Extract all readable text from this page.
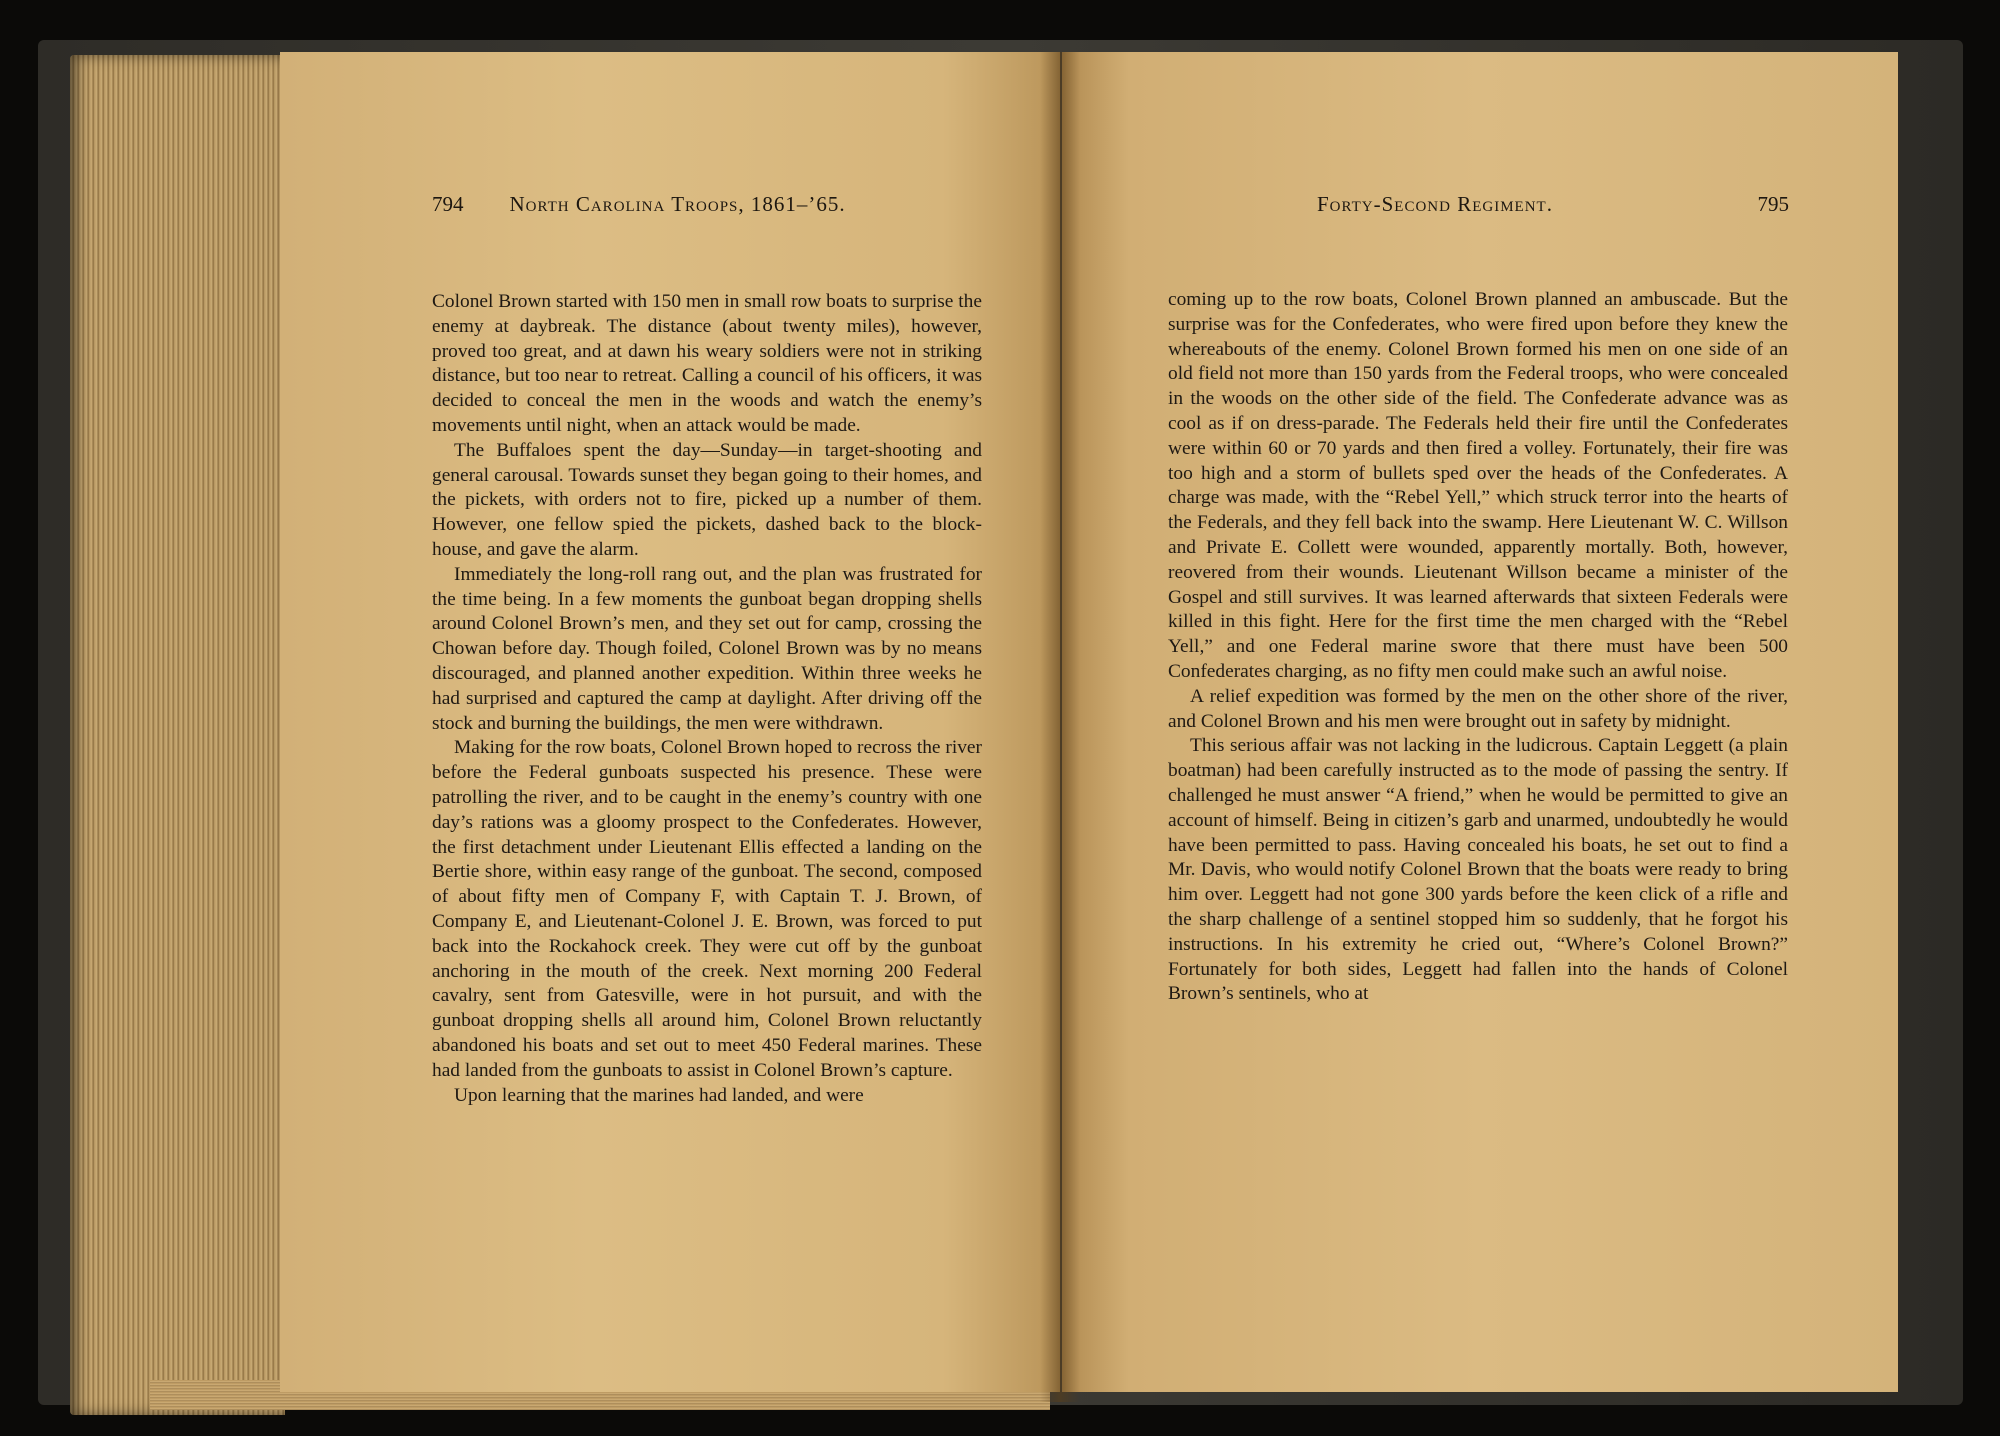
794 North Carolina Troops, 1861–’65.

Colonel Brown started with 150 men in small row boats to surprise the enemy at daybreak. The distance (about twenty miles), however, proved too great, and at dawn his weary soldiers were not in striking distance, but too near to retreat. Calling a council of his officers, it was decided to conceal the men in the woods and watch the enemy’s movements until night, when an attack would be made.

The Buffaloes spent the day—Sunday—in target-shooting and general carousal. Towards sunset they began going to their homes, and the pickets, with orders not to fire, picked up a number of them. However, one fellow spied the pickets, dashed back to the block-house, and gave the alarm.

Immediately the long-roll rang out, and the plan was frustrated for the time being. In a few moments the gunboat began dropping shells around Colonel Brown’s men, and they set out for camp, crossing the Chowan before day. Though foiled, Colonel Brown was by no means discouraged, and planned another expedition. Within three weeks he had surprised and captured the camp at daylight. After driving off the stock and burning the buildings, the men were withdrawn.

Making for the row boats, Colonel Brown hoped to recross the river before the Federal gunboats suspected his presence. These were patrolling the river, and to be caught in the enemy’s country with one day’s rations was a gloomy prospect to the Confederates. However, the first detachment under Lieutenant Ellis effected a landing on the Bertie shore, within easy range of the gunboat. The second, composed of about fifty men of Company F, with Captain T. J. Brown, of Company E, and Lieutenant-Colonel J. E. Brown, was forced to put back into the Rockahock creek. They were cut off by the gunboat anchoring in the mouth of the creek. Next morning 200 Federal cavalry, sent from Gatesville, were in hot pursuit, and with the gunboat dropping shells all around him, Colonel Brown reluctantly abandoned his boats and set out to meet 450 Federal marines. These had landed from the gunboats to assist in Colonel Brown’s capture.

Upon learning that the marines had landed, and were

Forty-Second Regiment.	795

coming up to the row boats, Colonel Brown planned an ambuscade. But the surprise was for the Confederates, who were fired upon before they knew the whereabouts of the enemy. Colonel Brown formed his men on one side of an old field not more than 150 yards from the Federal troops, who were concealed in the woods on the other side of the field. The Confederate advance was as cool as if on dress-parade. The Federals held their fire until the Confederates were within 60 or 70 yards and then fired a volley. Fortunately, their fire was too high and a storm of bullets sped over the heads of the Confederates. A charge was made, with the “Rebel Yell,” which struck terror into the hearts of the Federals, and they fell back into the swamp. Here Lieutenant W. C. Willson and Private E. Collett were wounded, apparently mortally. Both, however, reovered from their wounds. Lieutenant Willson became a minister of the Gospel and still survives. It was learned afterwards that sixteen Federals were killed in this fight. Here for the first time the men charged with the “Rebel Yell,” and one Federal marine swore that there must have been 500 Confederates charging, as no fifty men could make such an awful noise.

A relief expedition was formed by the men on the other shore of the river, and Colonel Brown and his men were brought out in safety by midnight.

This serious affair was not lacking in the ludicrous. Captain Leggett (a plain boatman) had been carefully instructed as to the mode of passing the sentry. If challenged he must answer “A friend,” when he would be permitted to give an account of himself. Being in citizen’s garb and unarmed, undoubtedly he would have been permitted to pass. Having concealed his boats, he set out to find a Mr. Davis, who would notify Colonel Brown that the boats were ready to bring him over. Leggett had not gone 300 yards before the keen click of a rifle and the sharp challenge of a sentinel stopped him so suddenly, that he forgot his instructions. In his extremity he cried out, “Where’s Colonel Brown?” Fortunately for both sides, Leggett had fallen into the hands of Colonel Brown’s sentinels, who at
